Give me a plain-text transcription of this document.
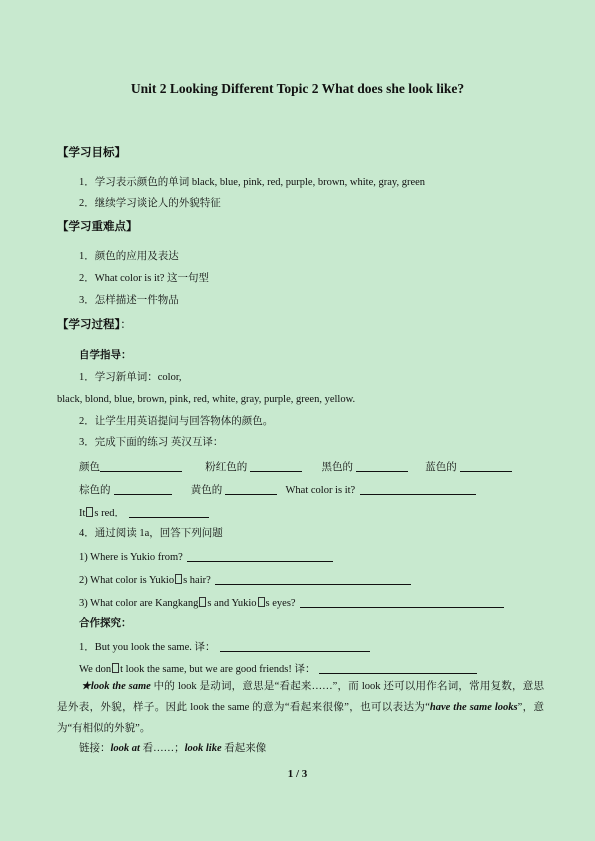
Unit 2 Looking Different Topic 2 What does she look like?
【学习目标】
1．学习表示颜色的单词 black, blue, pink, red, purple, brown, white, gray, green
2．继续学习谈论人的外貌特征
【学习重难点】
1．颜色的应用及表达
2．What color is it? 这一句型
3．怎样描述一件物品
【学习过程】：
自学指导：
1．学习新单词：color,
black, blond, blue, brown, pink, red, white, gray, purple, green, yellow.
2．让学生用英语提问与回答物体的颜色。
3．完成下面的练习 英汉互译：
颜色	粉红色的	黑色的	蓝色的
棕色的	黄色的	What color is it?
It s red．
4．通过阅读 1a，回答下列问题
1) Where is Yukio from?
2) What color is Yukio s hair?
3) What color are Kangkang s and Yukio s eyes?
合作探究：
1．But you look the same. 译：
We don t look the same, but we are good friends! 译：
★look the same 中的 look 是动词，意思是“看起来……”，而 look 还可以用作名词，常用复数，意思是外表，外貌，样子。因此 look the same 的意为“看起来很像”，也可以表达为“have the same looks”，意为“有相似的外貌”。
链接：look at 看……；look like 看起来像
1 / 3
